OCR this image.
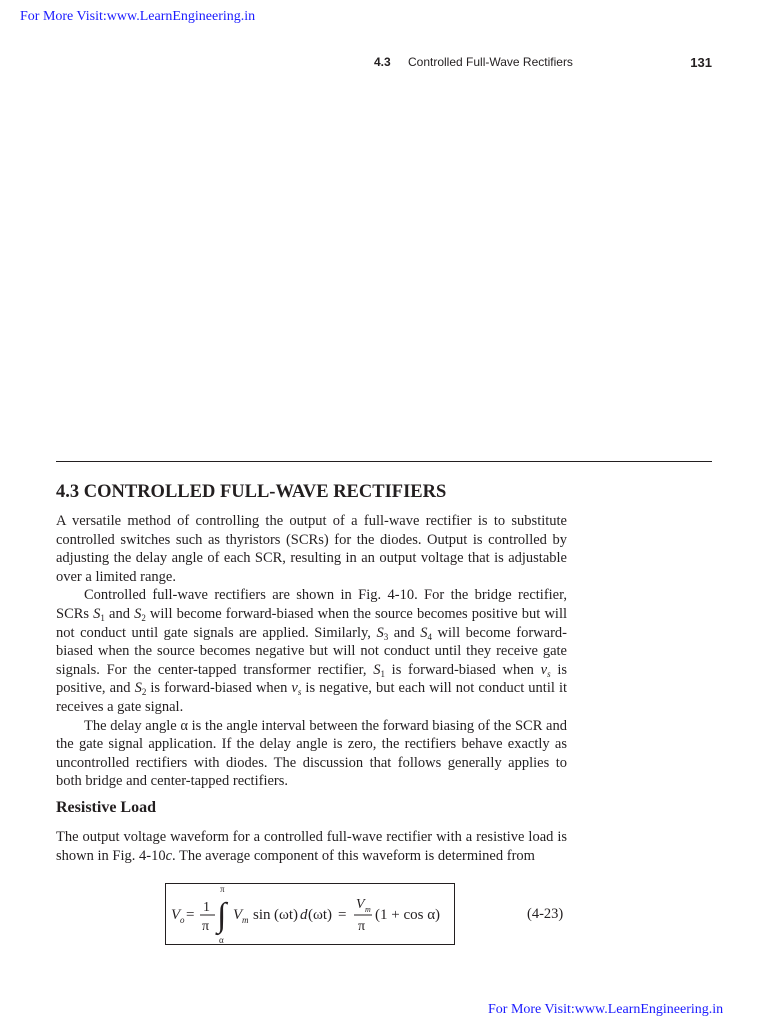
For More Visit:www.LearnEngineering.in
4.3 Controlled Full-Wave Rectifiers	131
4.3 CONTROLLED FULL-WAVE RECTIFIERS

A versatile method of controlling the output of a full-wave rectifier is to substitute controlled switches such as thyristors (SCRs) for the diodes. Output is controlled by adjusting the delay angle of each SCR, resulting in an output voltage that is adjustable over a limited range.

Controlled full-wave rectifiers are shown in Fig. 4-10. For the bridge rectifier, SCRs $S_1$ and $S_2$ will become forward-biased when the source becomes positive but will not conduct until gate signals are applied. Similarly, $S_3$ and $S_4$ will become forward-biased when the source becomes negative but will not conduct until they receive gate signals. For the center-tapped transformer rectifier, $S_1$ is forward-biased when $v_s$ is positive, and $S_2$ is forward-biased when $v_s$ is negative, but each will not conduct until it receives a gate signal.

The delay angle α is the angle interval between the forward biasing of the SCR and the gate signal application. If the delay angle is zero, the rectifiers behave exactly as uncontrolled rectifiers with diodes. The discussion that follows generally applies to both bridge and center-tapped rectifiers.

Resistive Load

The output voltage waveform for a controlled full-wave rectifier with a resistive load is shown in Fig. 4-10c. The average component of this waveform is determined from

V o = 1
π ∫
π
α
V m sin (ωt) d (ωt) =
V m
π
(1 + cos α)	(4-23)
For More Visit:www.LearnEngineering.in
